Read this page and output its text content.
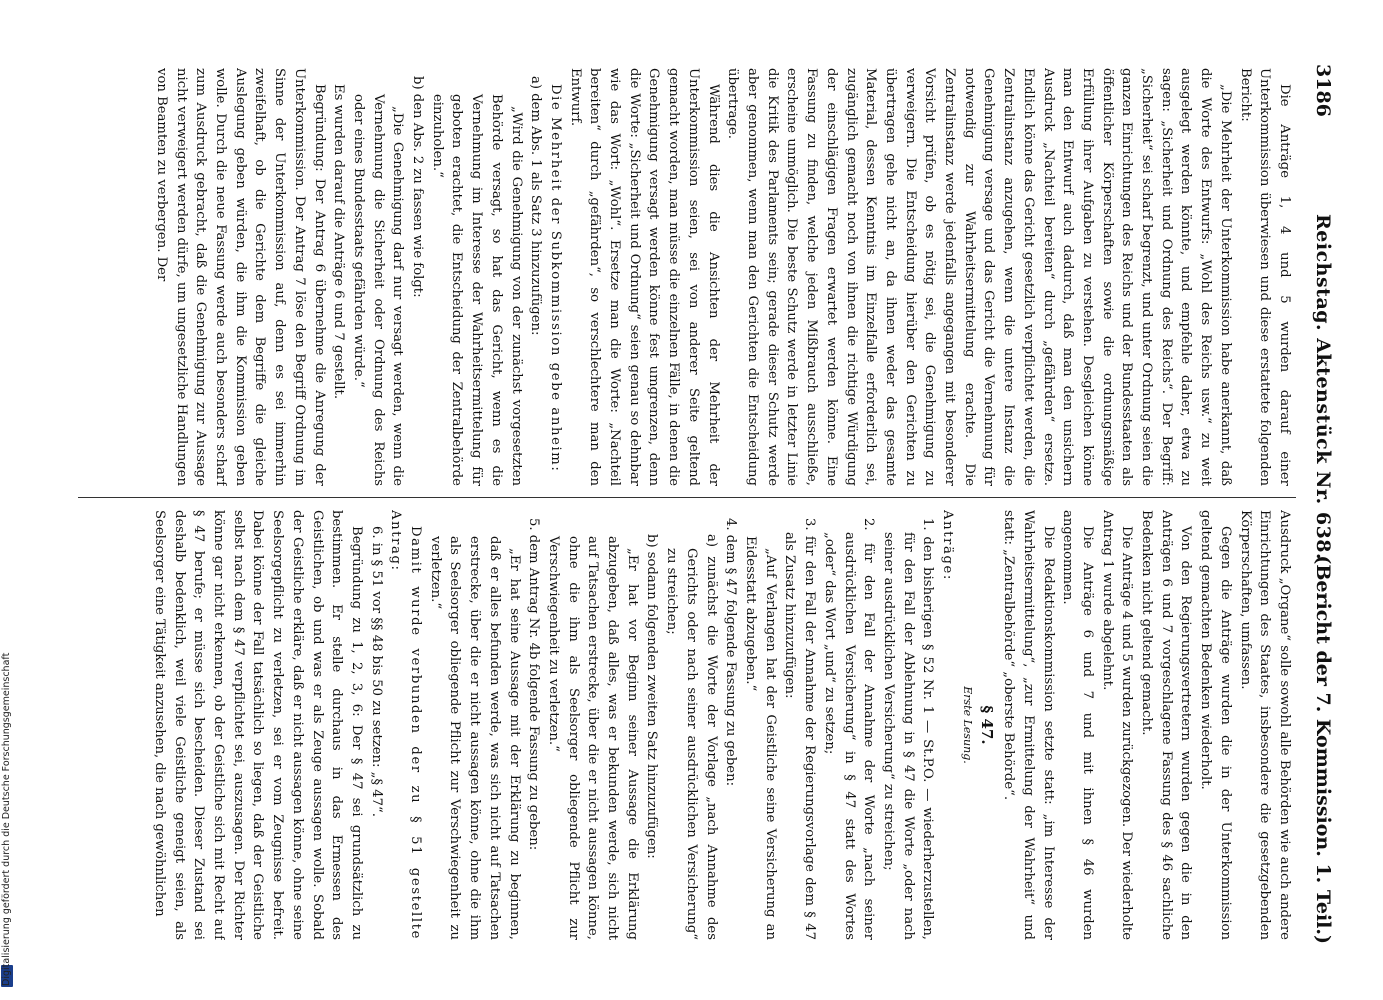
3186
Reichstag. Aktenstück Nr. 638.
(Bericht der 7. Kommission. 1. Teil.)

Die Anträge 1, 4 und 5 wurden darauf einer Unterkommission überwiesen und diese erstattete folgenden Bericht:

„Die Mehrheit der Unterkommission habe anerkannt, daß die Worte des Entwurfs: „Wohl des Reichs usw.“ zu weit ausgelegt werden könnte, und empfehle daher, etwa zu sagen: „Sicherheit und Ordnung des Reichs“. Der Begriff: „Sicherheit“ sei scharf begrenzt, und unter Ordnung seien die ganzen Einrichtungen des Reichs und der Bundesstaaten als öffentlicher Körperschaften sowie die ordnungsmäßige Erfüllung ihrer Aufgaben zu verstehen. Desgleichen könne man den Entwurf auch dadurch, daß man den unsichern Ausdruck „Nachteil bereiten“ durch „gefährden“ ersetze. Endlich könne das Gericht gesetzlich verpflichtet werden, die Zentralinstanz anzugehen, wenn die untere Instanz die Genehmigung versage und das Gericht die Vernehmung für notwendig zur Wahrheitsermittelung erachte. Die Zentralinstanz werde jedenfalls angegangen mit besonderer Vorsicht prüfen, ob es nötig sei, die Genehmigung zu verweigern. Die Entscheidung hierüber den Gerichten zu übertragen gehe nicht an, da ihnen weder das gesamte Material, dessen Kenntnis im Einzelfalle erforderlich sei, zugänglich gemacht noch von ihnen die richtige Würdigung der einschlägigen Fragen erwartet werden könne. Eine Fassung zu finden, welche jeden Mißbrauch ausschließe, erscheine unmöglich. Die beste Schutz werde in letzter Linie die Kritik des Parlaments sein; gerade dieser Schutz werde aber genommen, wenn man den Gerichten die Entscheidung übertrage.

Während dies die Ansichten der Mehrheit der Unterkommission seien, sei von anderer Seite geltend gemacht worden, man müsse die einzelnen Fälle, in denen die Genehmigung versagt werden könne fest umgrenzen, denn die Worte: „Sicherheit und Ordnung“ seien genau so dehnbar wie das Wort: „Wohl“. Ersetze man die Worte: „Nachteil bereiten“ durch „gefährden“, so verschlechtere man den Entwurf.

Die Mehrheit der Subkommission gebe anheim:

a) dem Abs. 1 als Satz 3 hinzuzufügen:

„Wird die Genehmigung von der zunächst vorgesetzten Behörde versagt, so hat das Gericht, wenn es die Vernehmung im Interesse der Wahrheitsermittelung für geboten erachtet, die Entscheidung der Zentralbehörde einzuholen.“

b) den Abs. 2 zu fassen wie folgt:

„Die Genehmigung darf nur versagt werden, wenn die Vernehmung die Sicherheit oder Ordnung des Reichs oder eines Bundesstaats gefährden würde.“

Es wurden darauf die Anträge 6 und 7 gestellt.

Begründung: Der Antrag 6 übernehme die Anregung der Unterkommission. Der Antrag 7 löse den Begriff Ordnung im Sinne der Unterkommission auf, denn es sei immerhin zweifelhaft, ob die Gerichte dem Begriffe die gleiche Auslegung geben würden, die ihm die Kommission geben wolle. Durch die neue Fassung werde auch besonders scharf zum Ausdruck gebracht, daß die Genehmigung zur Aussage nicht verweigert werden dürfe, um ungesetzliche Handlungen von Beamten zu verbergen. Der

Ausdruck „Organe“ solle sowohl alle Behörden wie auch andere Einrichtungen des Staates, insbesondere die gesetzgebenden Körperschaften, umfassen.

Gegen die Anträge wurden die in der Unterkommission geltend gemachten Bedenken wiederholt.

Von den Regierungsvertretern wurden gegen die in den Anträgen 6 und 7 vorgeschlagene Fassung des § 46 sachliche Bedenken nicht geltend gemacht.

Die Anträge 4 und 5 wurden zurückgezogen. Der wiederholte Antrag 1 wurde abgelehnt.

Die Anträge 6 und 7 und mit ihnen § 46 wurden angenommen.

Die Redaktionskommission setzte statt: „im Interesse der Wahrheitsermittelung“, „zur Ermittelung der Wahrheit“ und statt: „Zentralbehörde“ „oberste Behörde“.

§ 47.

Erste Lesung.

Anträge:

1. den bisherigen § 52 Nr. 1 — St.P.O. — wiederherzustellen, für den Fall der Ablehnung in § 47 die Worte „oder nach seiner ausdrücklichen Versicherung“ zu streichen;

2. für den Fall der Annahme der Worte „nach seiner ausdrücklichen Versicherung“ in § 47 statt des Wortes „oder“ das Wort „und“ zu setzen;

3. für den Fall der Annahme der Regierungsvorlage dem § 47 als Zusatz hinzuzufügen:

„Auf Verlangen hat der Geistliche seine Versicherung an Eidesstatt abzugeben.“

4. dem § 47 folgende Fassung zu geben:

a) zunächst die Worte der Vorlage „nach Annahme des Gerichts oder nach seiner ausdrücklichen Versicherung“ zu streichen;

b) sodann folgenden zweiten Satz hinzuzufügen:

„Er hat vor Beginn seiner Aussage die Erklärung abzugeben, daß alles, was er bekunden werde, sich nicht auf Tatsachen erstrecke, über die er nicht aussagen könne, ohne die ihm als Seelsorger obliegende Pflicht zur Verschwiegenheit zu verletzen.“

5. dem Antrag Nr. 4b folgende Fassung zu geben:

„Er hat seine Aussage mit der Erklärung zu beginnen, daß er alles befunden werde, was sich nicht auf Tatsachen erstrecke, über die er nicht aussagen könne, ohne die ihm als Seelsorger obliegende Pflicht zur Verschwiegenheit zu verletzen.“

Damit wurde verbunden der zu § 51 gestellte Antrag:

6. in § 51 vor §§ 48 bis 50 zu setzen: „§ 47“.

Begründung zu 1, 2, 3, 6: Der § 47 sei grundsätzlich zu bestimmen. Er stelle durchaus in das Ermessen des Geistlichen, ob und was er als Zeuge aussagen wolle. Sobald der Geistliche erkläre, daß er nicht aussagen könne, ohne seine Seelsorgepflicht zu verletzen, sei er vom Zeugnisse befreit. Dabei könne der Fall tatsächlich so liegen, daß der Geistliche selbst nach dem § 47 verpflichtet sei, auszusagen. Der Richter könne gar nicht erkennen, ob der Geistliche sich mit Recht auf § 47 berufe; er müsse sich bescheiden. Dieser Zustand sei deshalb bedenklich, weil viele Geistliche geneigt seien, als Seelsorger eine Tätigkeit anzusehen, die nach gewöhnlichen

Digitalisierung gefördert durch die Deutsche Forschungsgemeinschaft
